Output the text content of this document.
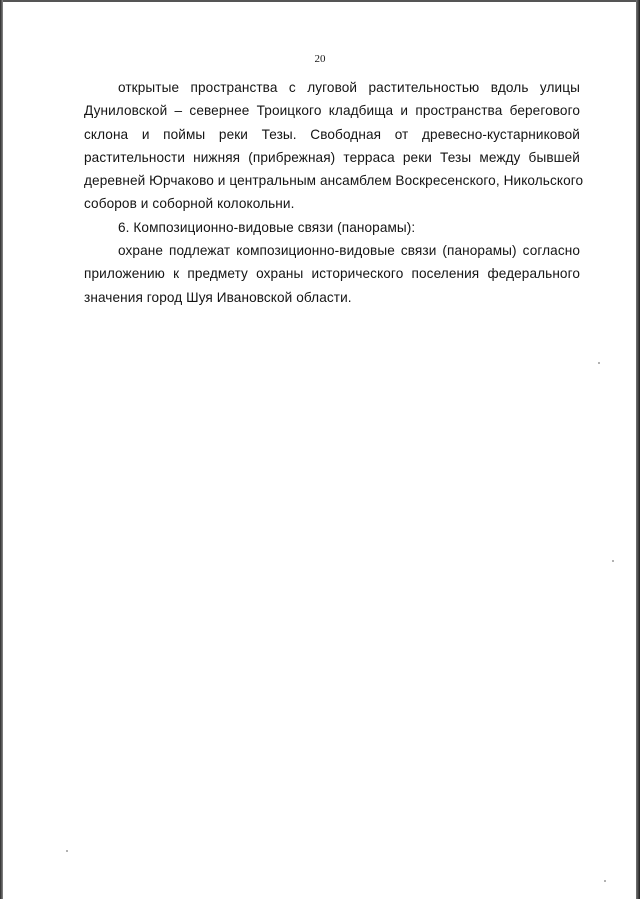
20

открытые пространства с луговой растительностью вдоль улицы
Дуниловской – севернее Троицкого кладбища и пространства берегового
склона и поймы реки Тезы. Свободная от древесно-кустарниковой
растительности нижняя (прибрежная) терраса реки Тезы между бывшей
деревней Юрчаково и центральным ансамблем Воскресенского, Никольского
соборов и соборной колокольни.

6. Композиционно-видовые связи (панорамы):

охране подлежат композиционно-видовые связи (панорамы) согласно
приложению к предмету охраны исторического поселения федерального
значения город Шуя Ивановской области.
